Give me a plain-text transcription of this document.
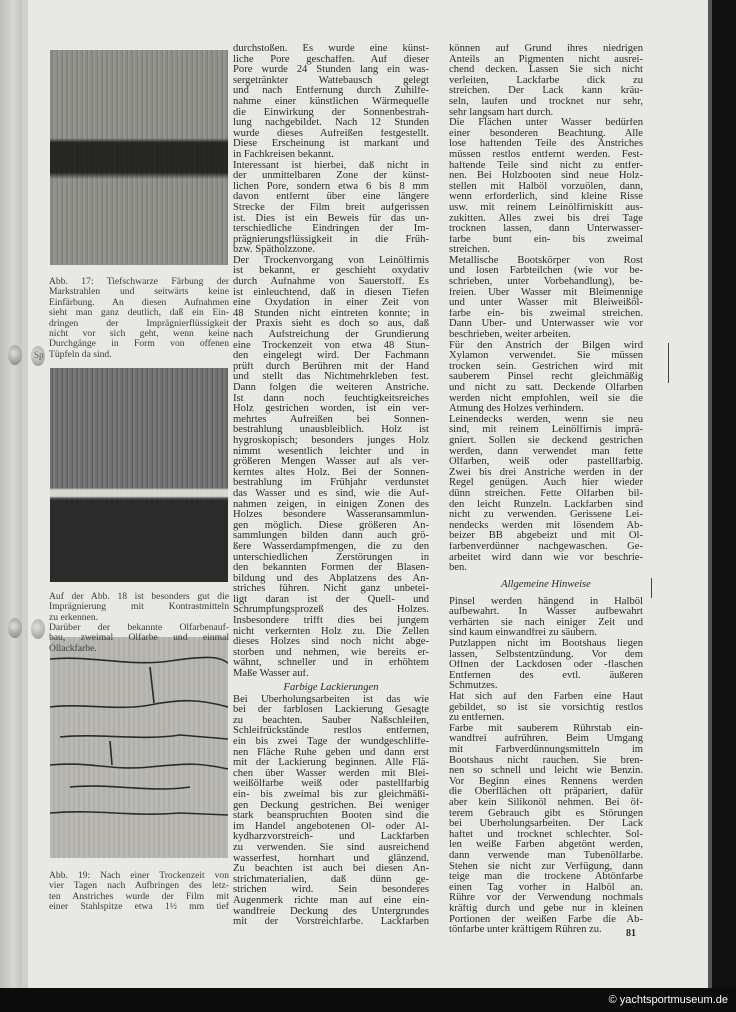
© yachtsportmuseum.de
Sp
Abb. 17: Tiefschwarze Färbung der
Markstrahlen und seitwärts keine
Einfärbung. An diesen Aufnahmen
sieht man ganz deutlich, daß ein Ein-
dringen der Imprägnierflüssigkeit
nicht vor sich geht, wenn keine
Durchgänge in Form von offenen
Tüpfeln da sind.
Auf der Abb. 18 ist besonders gut die
Imprägnierung mit Kontrastmitteln
zu erkennen.
Darüber der bekannte Ölfarbenauf-
bau, zweimal Ölfarbe und einmal
Öllackfarbe.
Abb. 19: Nach einer Trockenzeit von
vier Tagen nach Aufbringen des letz-
ten Anstriches wurde der Film mit
einer Stahlspitze etwa 1½ mm tief
durchstoßen. Es wurde eine künst-
liche Pore geschaffen. Auf dieser
Pore wurde 24 Stunden lang ein was-
sergetränkter Wattebausch gelegt
und nach Entfernung durch Zuhilfe-
nahme einer künstlichen Wärmequelle
die Einwirkung der Sonnenbestrah-
lung nachgebildet. Nach 12 Stunden
wurde dieses Aufreißen festgestellt.
Diese Erscheinung ist markant und
in Fachkreisen bekannt.
Interessant ist hierbei, daß nicht in
der unmittelbaren Zone der künst-
lichen Pore, sondern etwa 6 bis 8 mm
davon entfernt über eine längere
Strecke der Film breit aufgerissen
ist. Dies ist ein Beweis für das un-
terschiedliche Eindringen der Im-
prägnierungsflüssigkeit in die Früh-
bzw. Spätholzzone.
Der Trockenvorgang von Leinölfirnis
ist bekannt, er geschieht oxydativ
durch Aufnahme von Sauerstoff. Es
ist einleuchtend, daß in diesen Tiefen
eine Oxydation in einer Zeit von
48 Stunden nicht eintreten konnte; in
der Praxis sieht es doch so aus, daß
nach Aufstreichung der Grundierung
eine Trockenzeit von etwa 48 Stun-
den eingelegt wird. Der Fachmann
prüft durch Berühren mit der Hand
und stellt das Nichtmehrkleben fest.
Dann folgen die weiteren Anstriche.
Ist dann noch feuchtigkeitsreiches
Holz gestrichen worden, ist ein ver-
mehrtes Aufreißen bei Sonnen-
bestrahlung unausbleiblich. Holz ist
hygroskopisch; besonders junges Holz
nimmt wesentlich leichter und in
größeren Mengen Wasser auf als ver-
kerntes altes Holz. Bei der Sonnen-
bestrahlung im Frühjahr verdunstet
das Wasser und es sind, wie die Auf-
nahmen zeigen, in einigen Zonen des
Holzes besondere Wasseransammlun-
gen möglich. Diese größeren An-
sammlungen bilden dann auch grö-
ßere Wasserdampfmengen, die zu den
unterschiedlichen Zerstörungen in
den bekannten Formen der Blasen-
bildung und des Abplatzens des An-
striches führen. Nicht ganz unbetei-
ligt daran ist der Quell- und
Schrumpfungsprozeß des Holzes.
Insbesondere trifft dies bei jungem
nicht verkernten Holz zu. Die Zellen
dieses Holzes sind noch nicht abge-
storben und nehmen, wie bereits er-
wähnt, schneller und in erhöhtem
Maße Wasser auf.
Farbige Lackierungen
Bei Überholungsarbeiten ist das wie
bei der farblosen Lackierung Gesagte
zu beachten. Sauber Naßschleifen,
Schleifrückstände restlos entfernen,
ein bis zwei Tage der wundgeschliffe-
nen Fläche Ruhe geben und dann erst
mit der Lackierung beginnen. Alle Flä-
chen über Wasser werden mit Blei-
weißölfarbe weiß oder pastellfarbig
ein- bis zweimal bis zur gleichmäßi-
gen Deckung gestrichen. Bei weniger
stark beanspruchten Booten sind die
im Handel angebotenen Öl- oder Al-
kydharzvorstreich- und Lackfarben
zu verwenden. Sie sind ausreichend
wasserfest, hornhart und glänzend.
Zu beachten ist auch bei diesen An-
strichmaterialien, daß dünn ge-
strichen wird. Sein besonderes
Augenmerk richte man auf eine ein-
wandfreie Deckung des Untergrundes
mit der Vorstreichfarbe. Lackfarben
können auf Grund ihres niedrigen
Anteils an Pigmenten nicht ausrei-
chend decken. Lassen Sie sich nicht
verleiten, Lackfarbe dick zu
streichen. Der Lack kann kräu-
seln, laufen und trocknet nur sehr,
sehr langsam hart durch.
Die Flächen unter Wasser bedürfen
einer besonderen Beachtung. Alle
lose haftenden Teile des Anstriches
müssen restlos entfernt werden. Fest-
haftende Teile sind nicht zu entfer-
nen. Bei Holzbooten sind neue Holz-
stellen mit Halböl vorzuölen, dann,
wenn erforderlich, sind kleine Risse
usw. mit reinem Leinölfirniskitt aus-
zukitten. Alles zwei bis drei Tage
trocknen lassen, dann Unterwasser-
farbe bunt ein- bis zweimal
streichen.
Metallische Bootskörper von Rost
und losen Farbteilchen (wie vor be-
schrieben, unter Vorbehandlung), be-
freien. Über Wasser mit Bleimennige
und unter Wasser mit Bleiweißöl-
farbe ein- bis zweimal streichen.
Dann Über- und Unterwasser wie vor
beschrieben, weiter arbeiten.
Für den Anstrich der Bilgen wird
Xylamon verwendet. Sie müssen
trocken sein. Gestrichen wird mit
sauberem Pinsel recht gleichmäßig
und nicht zu satt. Deckende Ölfarben
werden nicht empfohlen, weil sie die
Atmung des Holzes verhindern.
Leinendecks werden, wenn sie neu
sind, mit reinem Leinölfirnis imprä-
gniert. Sollen sie deckend gestrichen
werden, dann verwendet man fette
Ölfarben, weiß oder pastellfarbig.
Zwei bis drei Anstriche werden in der
Regel genügen. Auch hier wieder
dünn streichen. Fette Ölfarben bil-
den leicht Runzeln. Lackfarben sind
nicht zu verwenden. Gerissene Lei-
nendecks werden mit lösendem Ab-
beizer BB abgebeizt und mit Öl-
farbenverdünner nachgewaschen. Ge-
arbeitet wird dann wie vor beschrie-
ben.
Allgemeine Hinweise
Pinsel werden hängend in Halböl
aufbewahrt. In Wasser aufbewahrt
verhärten sie nach einiger Zeit und
sind kaum einwandfrei zu säubern.
Putzlappen nicht im Bootshaus liegen
lassen, Selbstentzündung. Vor dem
Öffnen der Lackdosen oder -flaschen
Entfernen des evtl. äußeren
Schmutzes.
Hat sich auf den Farben eine Haut
gebildet, so ist sie vorsichtig restlos
zu entfernen.
Farbe mit sauberem Rührstab ein-
wandfrei aufrühren. Beim Umgang
mit Farbverdünnungsmitteln im
Bootshaus nicht rauchen. Sie bren-
nen so schnell und leicht wie Benzin.
Vor Beginn eines Rennens werden
die Oberflächen oft präpariert, dafür
aber kein Silikonöl nehmen. Bei öf-
terem Gebrauch gibt es Störungen
bei Überholungsarbeiten. Der Lack
haftet und trocknet schlechter. Sol-
len weiße Farben abgetönt werden,
dann verwende man Tubenölfarbe.
Stehen sie nicht zur Verfügung, dann
teige man die trockene Abtönfarbe
einen Tag vorher in Halböl an.
Rühre vor der Verwendung nochmals
kräftig durch und gebe nur in kleinen
Portionen der weißen Farbe die Ab-
tönfarbe unter kräftigem Rühren zu.	81
